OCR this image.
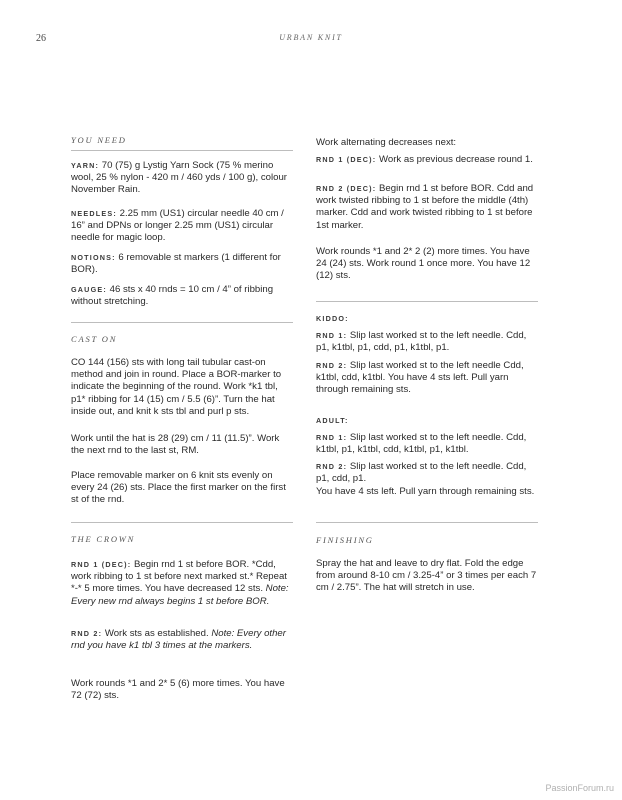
26	URBAN KNIT
YOU NEED

YARN: 70 (75) g Lystig Yarn Sock (75 % merino wool, 25 % nylon - 420 m / 460 yds / 100 g), colour November Rain.

NEEDLES: 2.25 mm (US1) circular needle 40 cm / 16” and DPNs or longer 2.25 mm (US1) circular needle for magic loop.

NOTIONS: 6 removable st markers (1 different for BOR).

GAUGE: 46 sts x 40 rnds = 10 cm / 4” of ribbing without stretching.

CAST ON

CO 144 (156) sts with long tail tubular cast-on method and join in round. Place a BOR-marker to indicate the beginning of the round. Work *k1 tbl, p1* ribbing for 14 (15) cm / 5.5 (6)”. Turn the hat inside out, and knit k sts tbl and purl p sts.

Work until the hat is 28 (29) cm / 11 (11.5)”. Work the next rnd to the last st, RM.

Place removable marker on 6 knit sts evenly on every 24 (26) sts. Place the first marker on the first st of the rnd.

THE CROWN

RND 1 (DEC): Begin rnd 1 st before BOR. *Cdd, work ribbing to 1 st before next marked st.* Repeat *-* 5 more times. You have decreased 12 sts. Note: Every new rnd always begins 1 st before BOR.

RND 2: Work sts as established. Note: Every other rnd you have k1 tbl 3 times at the markers.

Work rounds *1 and 2* 5 (6) more times. You have 72 (72) sts.

Work alternating decreases next:

RND 1 (DEC): Work as previous decrease round 1.

RND 2 (DEC): Begin rnd 1 st before BOR. Cdd and work twisted ribbing to 1 st before the middle (4th) marker. Cdd and work twisted ribbing to 1 st before 1st marker.

Work rounds *1 and 2* 2 (2) more times. You have 24 (24) sts. Work round 1 once more. You have 12 (12) sts.

KIDDO:

RND 1: Slip last worked st to the left needle. Cdd, p1, k1tbl, p1, cdd, p1, k1tbl, p1.

RND 2: Slip last worked st to the left needle Cdd, k1tbl, cdd, k1tbl. You have 4 sts left. Pull yarn through remaining sts.

ADULT:

RND 1: Slip last worked st to the left needle. Cdd, k1tbl, p1, k1tbl, cdd, k1tbl, p1, k1tbl.

RND 2: Slip last worked st to the left needle. Cdd, p1, cdd, p1.

You have 4 sts left. Pull yarn through remaining sts.

FINISHING

Spray the hat and leave to dry flat. Fold the edge from around 8-10 cm / 3.25-4” or 3 times per each 7 cm / 2.75”. The hat will stretch in use.

PassionForum.ru
